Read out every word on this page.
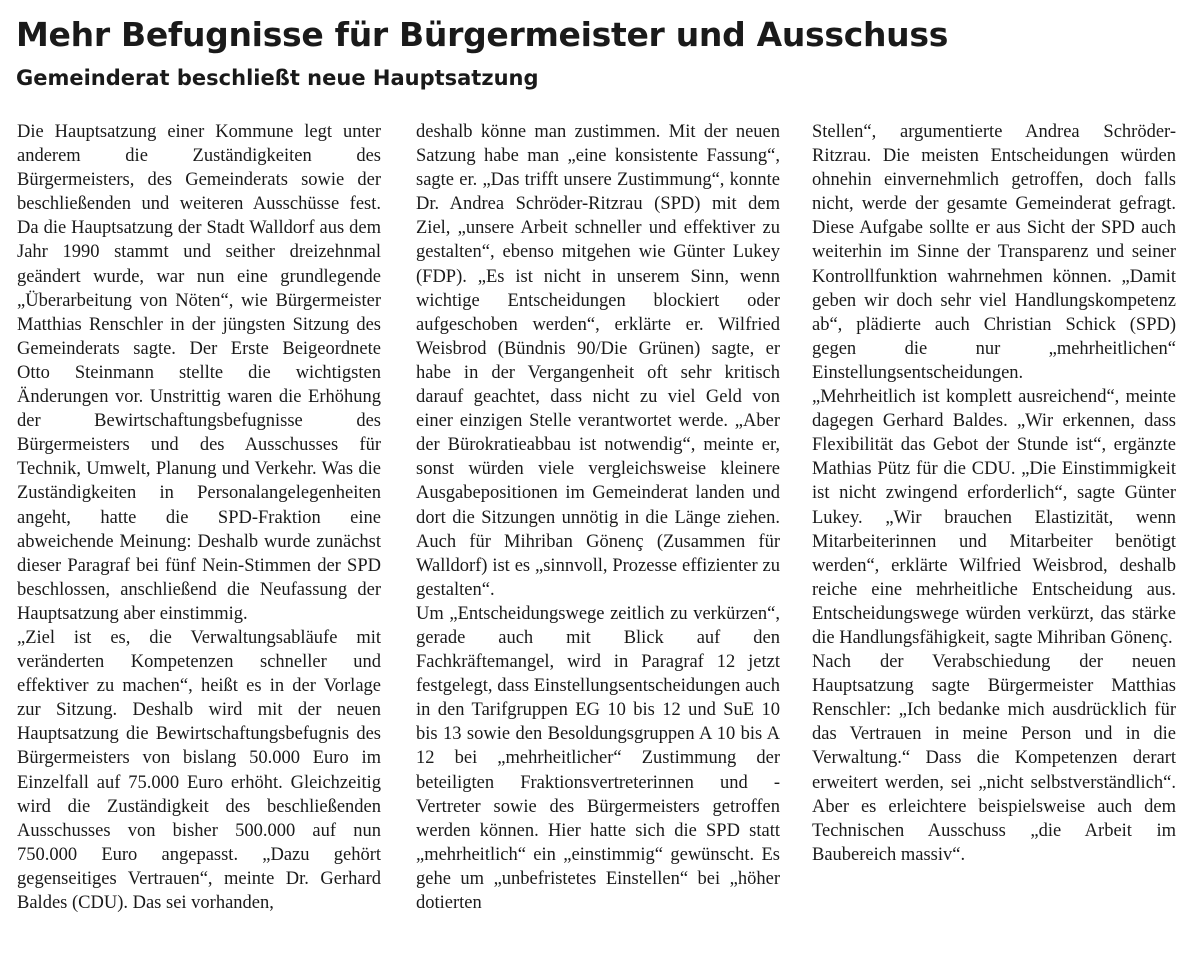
Mehr Befugnisse für Bürgermeister und Ausschuss
Gemeinderat beschließt neue Hauptsatzung

Die Hauptsatzung einer Kommune legt unter anderem die Zuständigkeiten des Bürgermeisters, des Gemeinderats sowie der beschließenden und weiteren Ausschüsse fest. Da die Hauptsatzung der Stadt Walldorf aus dem Jahr 1990 stammt und seither dreizehnmal geändert wurde, war nun eine grundlegende „Überarbeitung von Nöten“, wie Bürgermeister Matthias Renschler in der jüngsten Sitzung des Gemeinderats sagte. Der Erste Beigeordnete Otto Steinmann stellte die wichtigsten Änderungen vor. Unstrittig waren die Erhöhung der Bewirtschaftungsbefugnisse des Bürgermeisters und des Ausschusses für Technik, Umwelt, Planung und Verkehr. Was die Zuständigkeiten in Personalangelegenheiten angeht, hatte die SPD-Fraktion eine abweichende Meinung: Deshalb wurde zunächst dieser Paragraf bei fünf Nein-Stimmen der SPD beschlossen, anschließend die Neufassung der Hauptsatzung aber einstimmig.

„Ziel ist es, die Verwaltungsabläufe mit veränderten Kompetenzen schneller und effektiver zu machen“, heißt es in der Vorlage zur Sitzung. Deshalb wird mit der neuen Hauptsatzung die Bewirtschaftungsbefugnis des Bürgermeisters von bislang 50.000 Euro im Einzelfall auf 75.000 Euro erhöht. Gleichzeitig wird die Zuständigkeit des beschließenden Ausschusses von bisher 500.000 auf nun 750.000 Euro angepasst. „Dazu gehört gegenseitiges Vertrauen“, meinte Dr. Gerhard Baldes (CDU). Das sei vorhanden,

deshalb könne man zustimmen. Mit der neuen Satzung habe man „eine konsistente Fassung“, sagte er. „Das trifft unsere Zustimmung“, konnte Dr. Andrea Schröder-Ritzrau (SPD) mit dem Ziel, „unsere Arbeit schneller und effektiver zu gestalten“, ebenso mitgehen wie Günter Lukey (FDP). „Es ist nicht in unserem Sinn, wenn wichtige Entscheidungen blockiert oder aufgeschoben werden“, erklärte er. Wilfried Weisbrod (Bündnis 90/Die Grünen) sagte, er habe in der Vergangenheit oft sehr kritisch darauf geachtet, dass nicht zu viel Geld von einer einzigen Stelle verantwortet werde. „Aber der Bürokratieabbau ist notwendig“, meinte er, sonst würden viele vergleichsweise kleinere Ausgabepositionen im Gemeinderat landen und dort die Sitzungen unnötig in die Länge ziehen. Auch für Mihriban Gönenç (Zusammen für Walldorf) ist es „sinnvoll, Prozesse effizienter zu gestalten“.

Um „Entscheidungswege zeitlich zu verkürzen“, gerade auch mit Blick auf den Fachkräftemangel, wird in Paragraf 12 jetzt festgelegt, dass Einstellungsentscheidungen auch in den Tarifgruppen EG 10 bis 12 und SuE 10 bis 13 sowie den Besoldungsgruppen A 10 bis A 12 bei „mehrheitlicher“ Zustimmung der beteiligten Fraktionsvertreterinnen und -Vertreter sowie des Bürgermeisters getroffen werden können. Hier hatte sich die SPD statt „mehrheitlich“ ein „einstimmig“ gewünscht. Es gehe um „unbefristetes Einstellen“ bei „höher dotierten

Stellen“, argumentierte Andrea Schröder-Ritzrau. Die meisten Entscheidungen würden ohnehin einvernehmlich getroffen, doch falls nicht, werde der gesamte Gemeinderat gefragt. Diese Aufgabe sollte er aus Sicht der SPD auch weiterhin im Sinne der Transparenz und seiner Kontrollfunktion wahrnehmen können. „Damit geben wir doch sehr viel Handlungskompetenz ab“, plädierte auch Christian Schick (SPD) gegen die nur „mehrheitlichen“ Einstellungsentscheidungen.

„Mehrheitlich ist komplett ausreichend“, meinte dagegen Gerhard Baldes. „Wir erkennen, dass Flexibilität das Gebot der Stunde ist“, ergänzte Mathias Pütz für die CDU. „Die Einstimmigkeit ist nicht zwingend erforderlich“, sagte Günter Lukey. „Wir brauchen Elastizität, wenn Mitarbeiterinnen und Mitarbeiter benötigt werden“, erklärte Wilfried Weisbrod, deshalb reiche eine mehrheitliche Entscheidung aus. Entscheidungswege würden verkürzt, das stärke die Handlungsfähigkeit, sagte Mihriban Gönenç.

Nach der Verabschiedung der neuen Hauptsatzung sagte Bürgermeister Matthias Renschler: „Ich bedanke mich ausdrücklich für das Vertrauen in meine Person und in die Verwaltung.“ Dass die Kompetenzen derart erweitert werden, sei „nicht selbstverständlich“. Aber es erleichtere beispielsweise auch dem Technischen Ausschuss „die Arbeit im Baubereich massiv“.
